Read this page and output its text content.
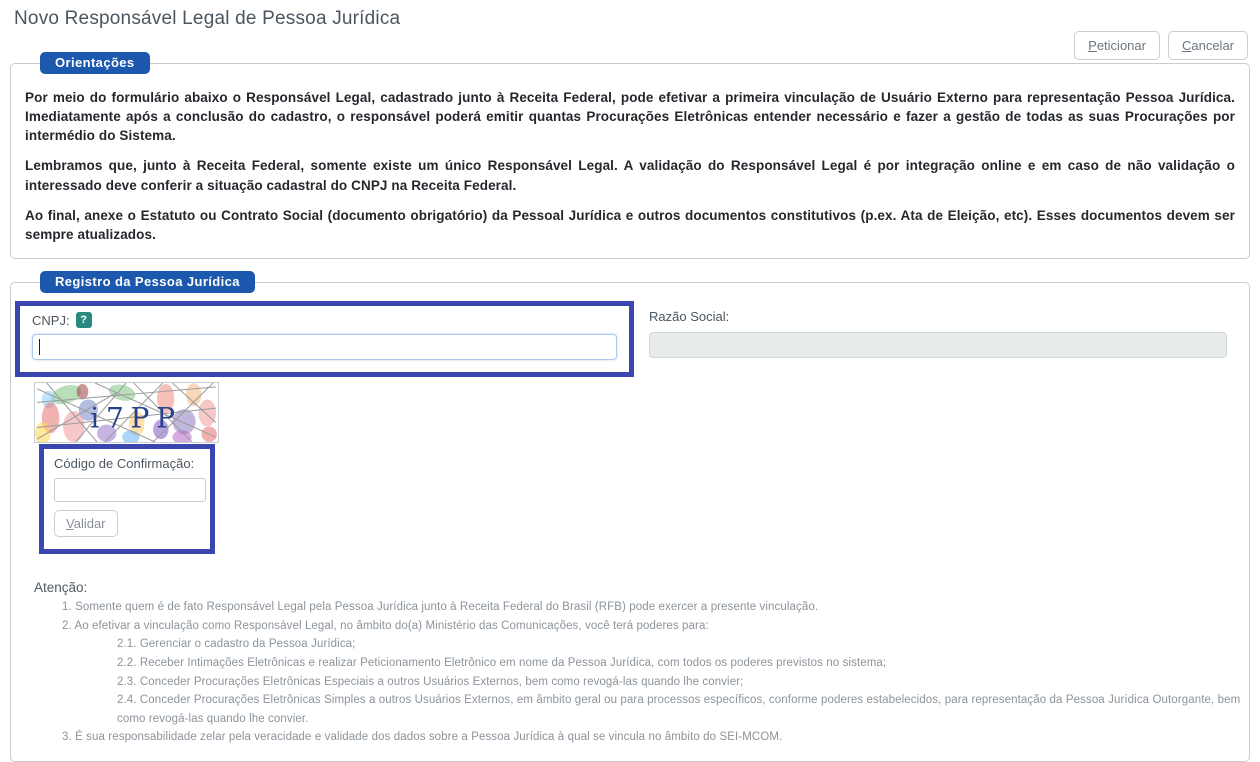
Novo Responsável Legal de Pessoa Jurídica
Peticionar	Cancelar
Orientações

Por meio do formulário abaixo o Responsável Legal, cadastrado junto à Receita Federal, pode efetivar a primeira vinculação de Usuário Externo para representação Pessoa Jurídica. Imediatamente após a conclusão do cadastro, o responsável poderá emitir quantas Procurações Eletrônicas entender necessário e fazer a gestão de todas as suas Procurações por intermédio do Sistema.

Lembramos que, junto à Receita Federal, somente existe um único Responsável Legal. A validação do Responsável Legal é por integração online e em caso de não validação o interessado deve conferir a situação cadastral do CNPJ na Receita Federal.

Ao final, anexe o Estatuto ou Contrato Social (documento obrigatório) da Pessoal Jurídica e outros documentos constitutivos (p.ex. Ata de Eleição, etc). Esses documentos devem ser sempre atualizados.

Registro da Pessoa Jurídica
CNPJ: ?	Razão Social:
i7PP
Código de Confirmação:

Validar
Atenção:
1. Somente quem é de fato Responsável Legal pela Pessoa Jurídica junto à Receita Federal do Brasil (RFB) pode exercer a presente vinculação.
2. Ao efetivar a vinculação como Responsável Legal, no âmbito do(a) Ministério das Comunicações, você terá poderes para:
2.1. Gerenciar o cadastro da Pessoa Jurídica;
2.2. Receber Intimações Eletrônicas e realizar Peticionamento Eletrônico em nome da Pessoa Jurídica, com todos os poderes previstos no sistema;
2.3. Conceder Procurações Eletrônicas Especiais a outros Usuários Externos, bem como revogá-las quando lhe convier;
2.4. Conceder Procurações Eletrônicas Simples a outros Usuários Externos, em âmbito geral ou para processos específicos, conforme poderes estabelecidos, para representação da Pessoa Jurídica Outorgante, bem como revogá-las quando lhe convier.
3. É sua responsabilidade zelar pela veracidade e validade dos dados sobre a Pessoa Jurídica à qual se vincula no âmbito do SEI-MCOM.
